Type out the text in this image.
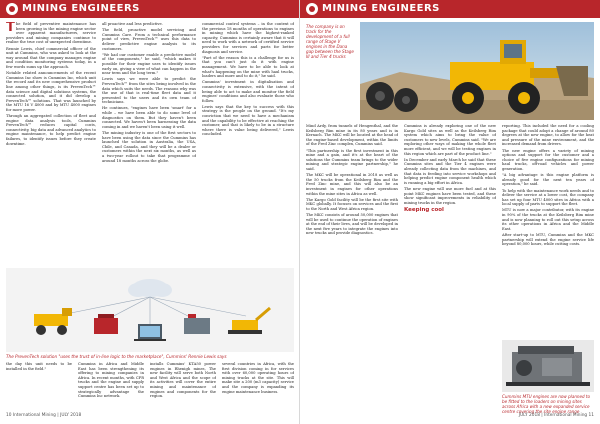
MINING ENGINEERS

The field of preventive maintenance has been growing in the mining engine sector over apparent manufacturers, service providers and mining companies continue to realise the true cost of unexpected downtime.

Rennie Lewis, chief commercial officer of the unit at Cummins, who was asked to look at the way around that the company manages engine and condition monitoring systems today, in a few words sums up the approach.

Notable related announcements of the recent Cummins Inc show is Cummins Inc, which unit the record and its new comprehensive product line among other things, is its PrevenTech™ data science and digital solutions systems, the connected solution, and it did develop a PrevenTech™ solutions. That was launched by the MTU 16 V 4000 and by MTU 4000 engines for more power.

Through an aggregated collection of fleet and engine data analysis tools, Cummins PrevenTech™ reduces capital costs, connectivity, big data and advanced analytics to engine maintenance, to help predict engine failures, to identify issues before they create downtime.

all proactive and less predictive.

The field, proactive model servicing and Cummins Care. From a technical performance point of view, PrevenTech™ uses this data to deliver predictive engine analysis to its customers.

"We had our customer enable a predictive model of the components," he said, "which makes it possible for their engine uses to identify issues early on, giving a view of what can happen in the near term and the long term."

Lewis says we were able to predict the PrevenTech™ from the sites being involved in the data which suits the needs. The reasons why was the use of that is real-time fleet data and it presented to the users and its own team of technicians.

He continues, "engines have been 'smart' for a while – we have been able to do some level of diagnostics on them. But they haven't been connected. We haven't been harnessing the data coming in and we haven't been using it well.

The mining industry is one of the first sectors to have been using the data since the Cummins has launched the solution in Australia, the USA, Chile, and Canada, and they will be a dealer or customers within the next six months, as well as a two-year rollout to take that programme of around 18 months across the globe.

commercial control systems – in the context of the previous 18 months of operations to engines in mining which have the highest-ranked capacity, Cummins is certainly aware that it will need to work with a network of certified service providers for services and parts for better diagnosis and service.

"Part of the reason this is a challenge for us is that you can't just do it with engine management. We have to be able to look at what's happening on the mine with haul trucks, loaders and more and to do it," he said.

Cummins' investment in digitalisation and connectivity is extensive, with the intent of being able to act to make and monitor the field engines' conditions and also evaluate those who follow.

Lewis says that the key to success with this strategy is the people on the ground. "It's my conviction that we need to have a mechanism and the capability to be effective at reaching the customer, and that is likely to be in a structure where there is value being delivered," Lewis concluded.

The PrevenTech solution "uses the trust of in-line logic to the marketplace", Cummins' Rennie Lewis says

the day this unit needs to be installed in the field."

Cummins in Africa and Middle East has been strengthening its offering to mining companies in Africa. In recent months, with CFR trucks and the engine and supply support centre has been set up to strategically advantage the Cummins Inc network.

installs Cummins' KTA50 power engines in Rhenigh mines, The new facility will serve both North and West Africa and the scope of its activities will cover the entire mining and maintenance of engines and components for the region.

several countries in Africa, with the first division coming in for services with over 60,000 operating hours of mining trucks at the site. This will make site a 200 (m3 capacity) service and the company is expanding its engine maintenance business.

10 International Mining | JULY 2018
MINING ENGINEERS
The company is on track for the development of a full range of Stage V engines in the Dana gap between the Stage III and Tier 4 trucks

Mind Ardy, from tunnels of Hengenthal, and the Keilsberg Rim mine in its 80 years and is in Kernach. The MKC will be located at the head of the engine-based development, within the limits of the Fred Zinc complex, Cummins said.

"This partnership is the first investment in this mine and a gain, and it's at the heart of the solutions the Cummins team brings to the wider mining and strategic engine partnership," he said.

The MKC will be operational in 2018 as well as the 50 trucks from the Keilsberg Rim and the Fred Zinc mine, and this will also be an investment in engines for other operations within the mine sites in Africa as well.

The Kargo Gold facility will be the first site with MKC globally. It focuses on services and the first to the North and West Africa region.

The MKC consists of around 50,000 engines that will be used to continue the operation of engines at the end of their lives, and will be developed in the next five years to integrate the engines into new trucks and provide diagnostics.

Cummins is already exploring one of the new Kargo Gold sites as well as the Keilsberg Rim system which aims to bring the value of customers to new levels, Cummins said. "We are exploring other ways of making the whole fleet more efficient, and we will be testing engines in this region which are part of the product line."

In December and early March he said that these Cummins sites and the Tier 4 engines were already collecting data from the machines, and that data is feeding into service workshops and helping predict engine component health which is running a big effort in Africa.

The new engine will use more fuel and at this point MKC engines have been tested, and these show significant improvements in reliability of mining trucks in the region.

Keeping cool

reporting. This included the need for a cooling package that could adopt a change of around 80 degrees at the new engine, to allow for the heat and pressure of the mine environment, and the increased demand from drivers.

The new engine offers a variety of mining options and support for the customer and a choice of five engine configurations for mining haul trucks, off-road vehicles and power generation.

"A big advantage is this engine platform is already good for the next ten years of operation," he said.

To help with the maintenance work needs and to deliver the service at a lower cost, the company has set up four MTU 4000 sites in Africa with a local supply of parts to support the fleet.

MTU is now a major contributor, with its engine in 90% of the trucks at the Keilsberg Rim mine and is now planning to roll out this setup across its other operations in Africa and the Middle East.

After start-up to MTU, Cummins and the MKC partnership will extend the engine service life beyond 80,000 hours, while cutting costs.

Cummins MTU engines are now planned to be fitted to the loaders on mining sites across Africa with a new expanded service centre covering the site engine range
JULY 2018 | International Mining 11
